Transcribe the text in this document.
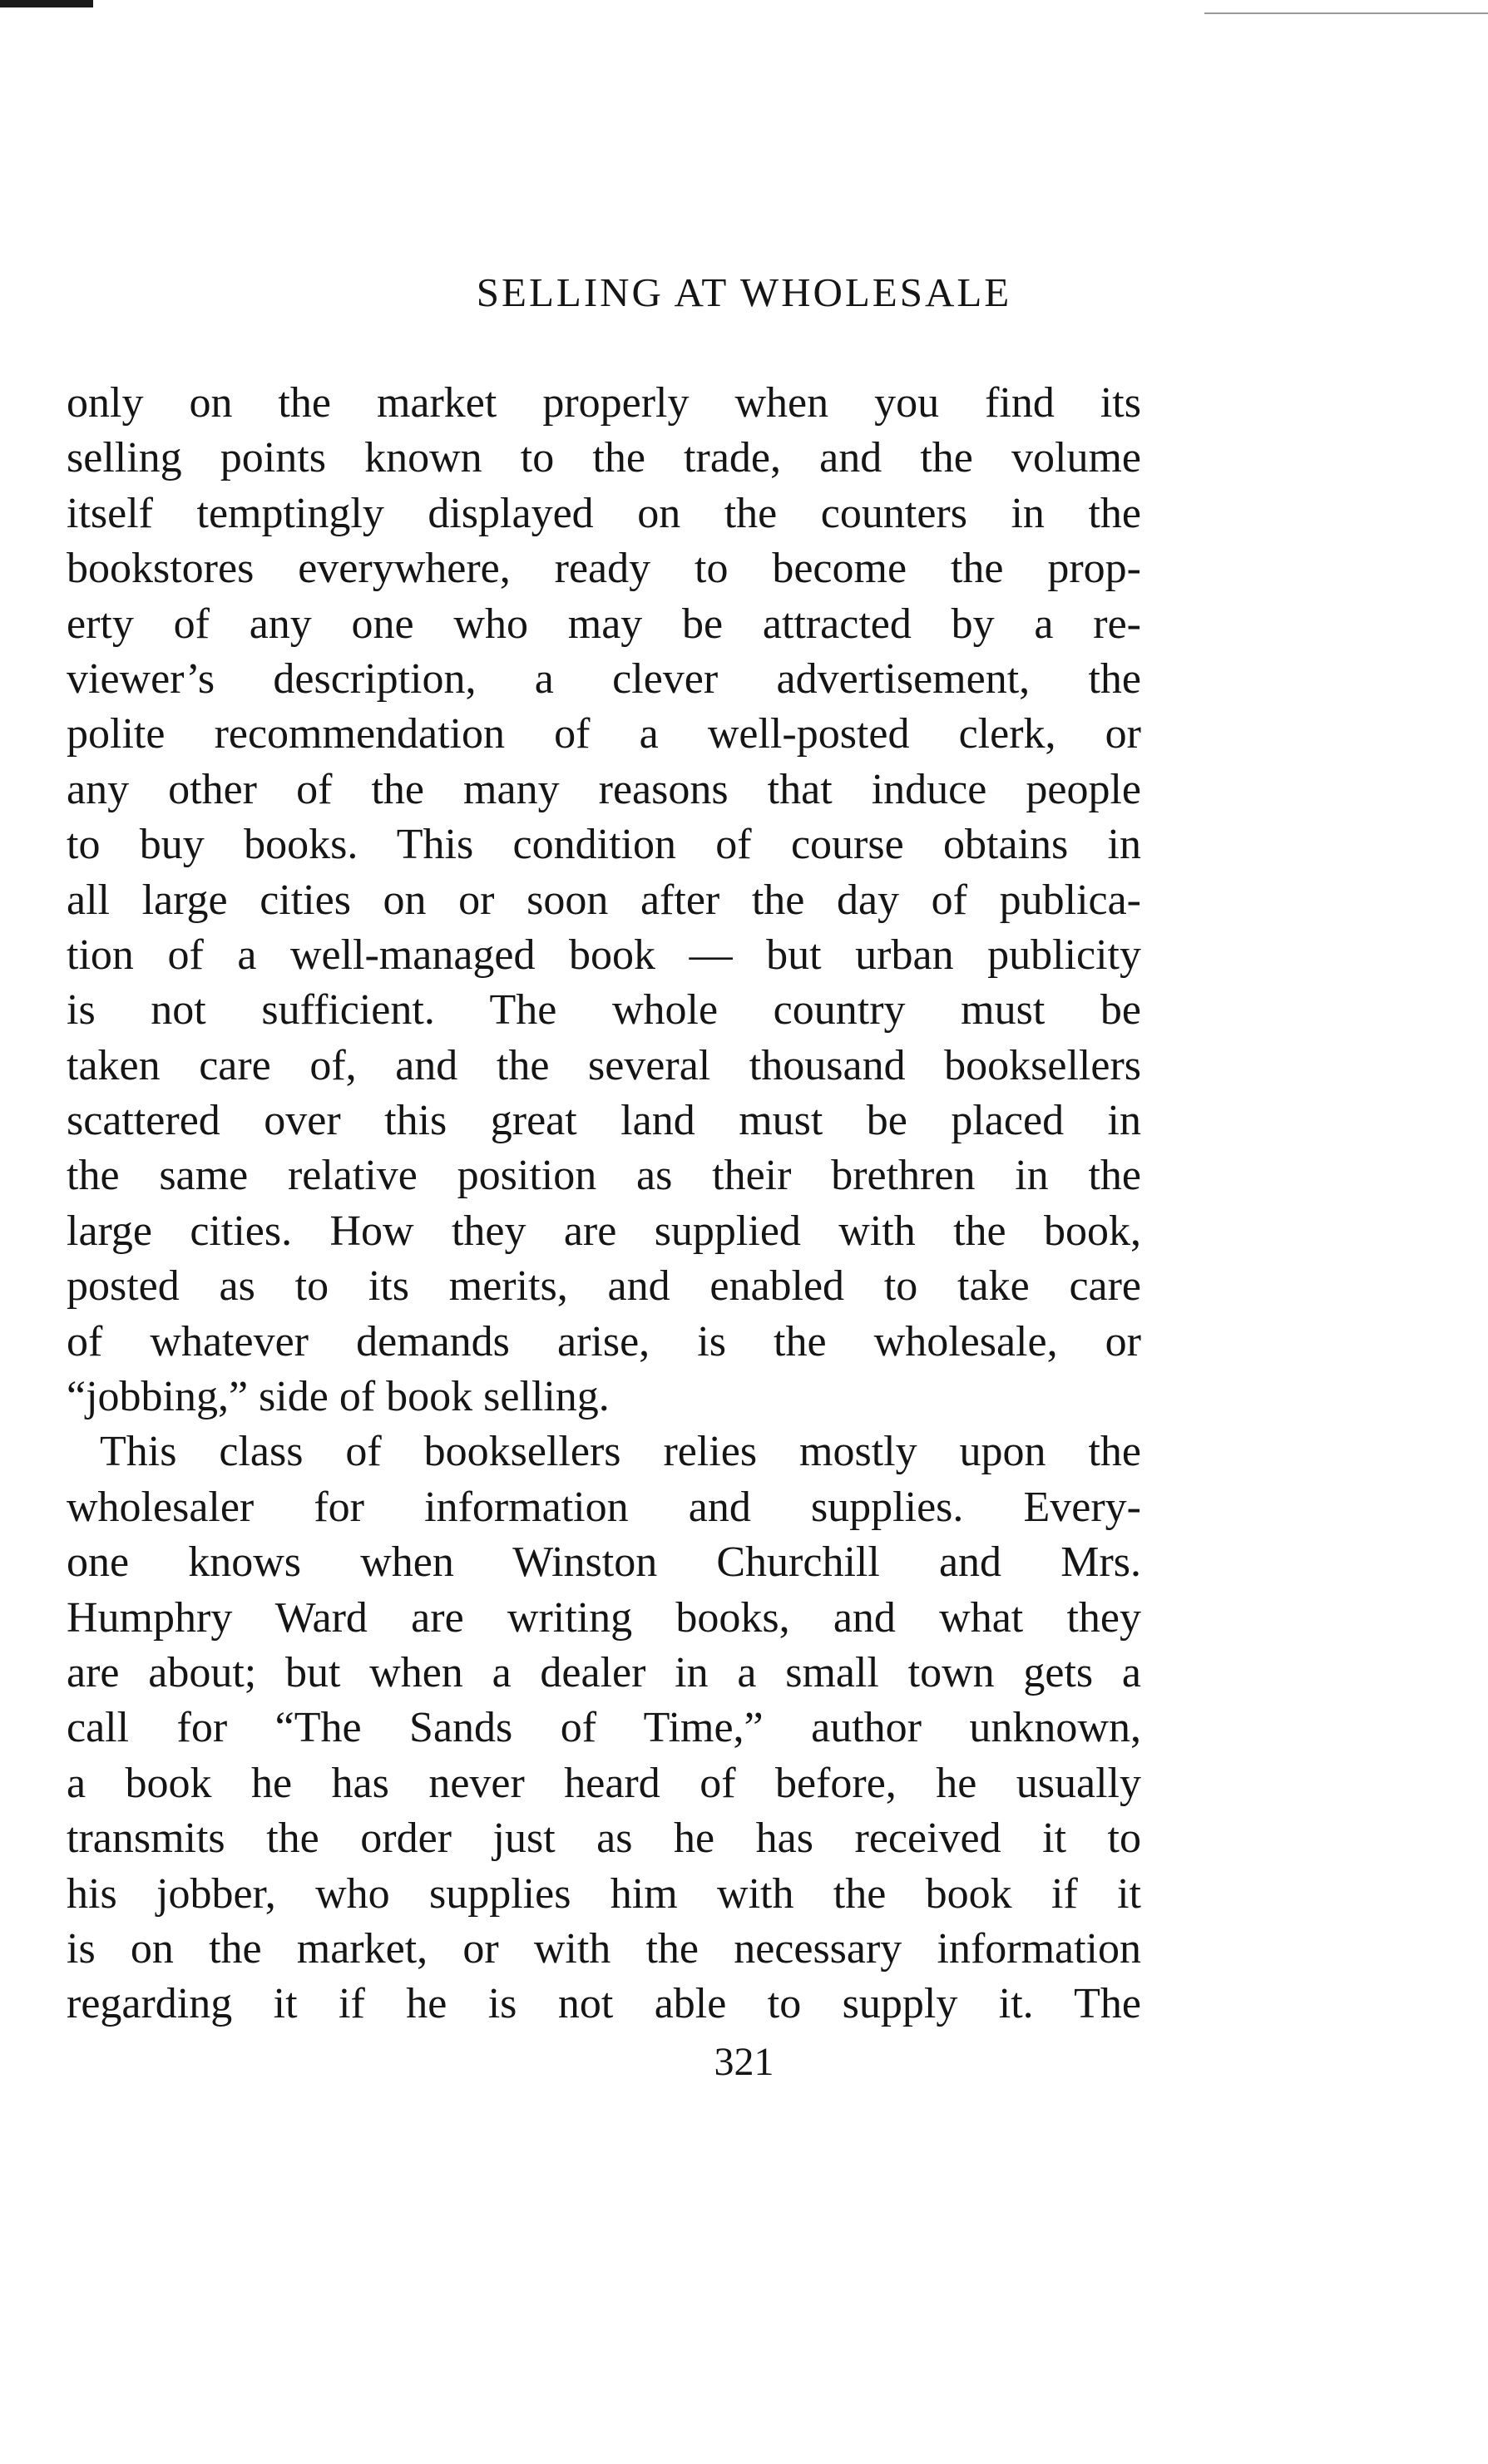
SELLING AT WHOLESALE
only on the market properly when you find its
selling points known to the trade, and the volume
itself temptingly displayed on the counters in the
bookstores everywhere, ready to become the prop-
erty of any one who may be attracted by a re-
viewer’s description, a clever advertisement, the
polite recommendation of a well-posted clerk, or
any other of the many reasons that induce people
to buy books. This condition of course obtains in
all large cities on or soon after the day of publica-
tion of a well-managed book — but urban publicity
is not sufficient. The whole country must be
taken care of, and the several thousand booksellers
scattered over this great land must be placed in
the same relative position as their brethren in the
large cities. How they are supplied with the book,
posted as to its merits, and enabled to take care
of whatever demands arise, is the wholesale, or
“jobbing,” side of book selling.
This class of booksellers relies mostly upon the
wholesaler for information and supplies. Every-
one knows when Winston Churchill and Mrs.
Humphry Ward are writing books, and what they
are about; but when a dealer in a small town gets a
call for “The Sands of Time,” author unknown,
a book he has never heard of before, he usually
transmits the order just as he has received it to
his jobber, who supplies him with the book if it
is on the market, or with the necessary information
regarding it if he is not able to supply it. The
321
